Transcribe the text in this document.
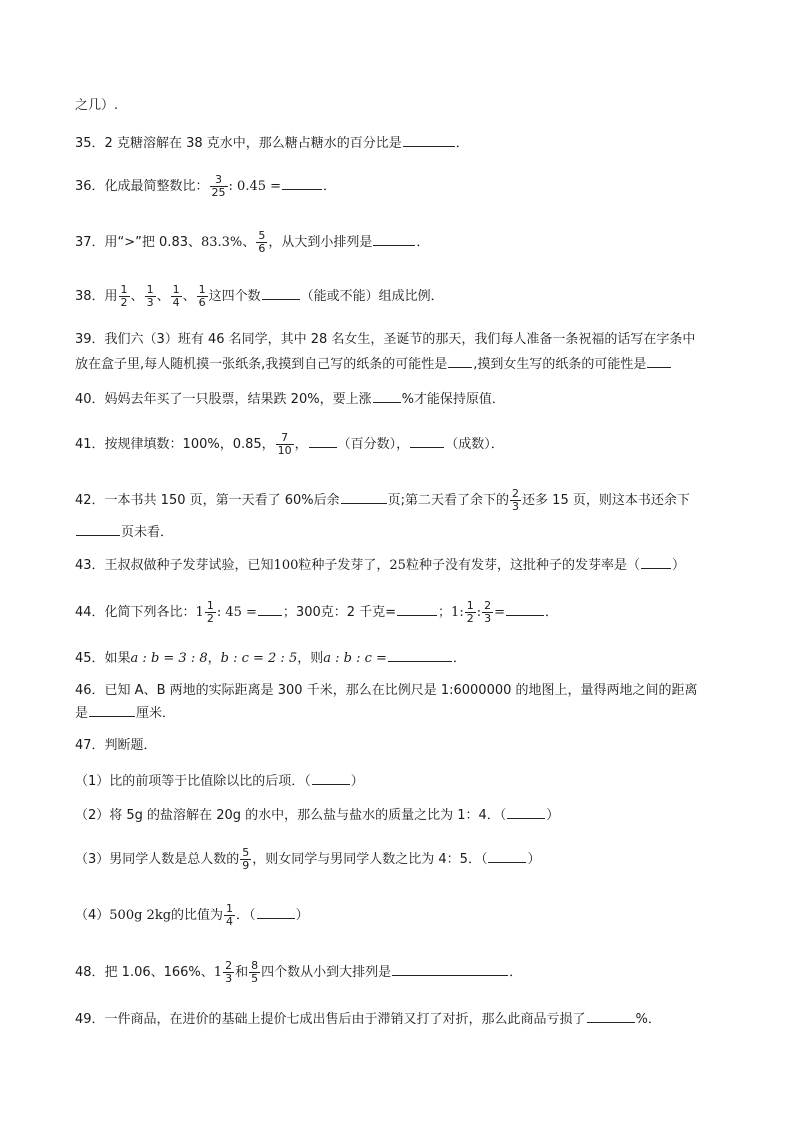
之几）.
35．2 克糖溶解在 38 克水中，那么糖占糖水的百分比是	．
36．化成最简整数比： $\frac{3}{25}$ : 0.45 =	．
37．用“>”把 0.83、83.3%、 $\frac{5}{6}$ ，从大到小排列是	．
38．用 $\frac{1}{2}$ 、 $\frac{1}{3}$ 、 $\frac{1}{4}$ 、 $\frac{1}{6}$ 这四个数	（能或不能）组成比例．
39．我们六（3）班有 46 名同学，其中 28 名女生，圣诞节的那天，我们每人准备一条祝福的话写在字条中
放在盒子里,每人随机摸一张纸条,我摸到自己写的纸条的可能性是 ,摸到女生写的纸条的可能性是
40．妈妈去年买了一只股票，结果跌 20%，要上涨 %才能保持原值．
41．按规律填数：100%，0.85， $\frac{7}{10}$ ， （百分数），	（成数）．
42．一本书共 150 页，第一天看了 60%后余	页;第二天看了余下的 $\frac{2}{3}$ 还多 15 页，则这本书还余下
页未看．
43．王叔叔做种子发芽试验，已知100粒种子发芽了，25粒种子没有发芽，这批种子的发芽率是（ ）
44．化简下列各比：$1 \frac{1}{2}$ : 45 = ；300克：2 千克=	；1: $\frac{1}{2}$ : $\frac{2}{3}$ =	．
45．如果a : b = 3 : 8，b : c = 2 : 5，则a : b : c =	．
46．已知 A、B 两地的实际距离是 300 千米，那么在比例尺是 1:6000000 的地图上，量得两地之间的距离
是	厘米．
47．判断题．
（1）比的前项等于比值除以比的后项．（	）
（2）将 5g 的盐溶解在 20g 的水中，那么盐与盐水的质量之比为 1：4．（	）
（3）男同学人数是总人数的 $\frac{5}{9}$ ，则女同学与男同学人数之比为 4：5．（	）
（4）500g 2kg的比值为 $\frac{1}{4}$ ．（	）
48．把 1.06、166%、$1 \frac{2}{3}$ 和 $\frac{8}{5}$ 四个数从小到大排列是	．
49．一件商品，在进价的基础上提价七成出售后由于滞销又打了对折，那么此商品亏损了	%．
